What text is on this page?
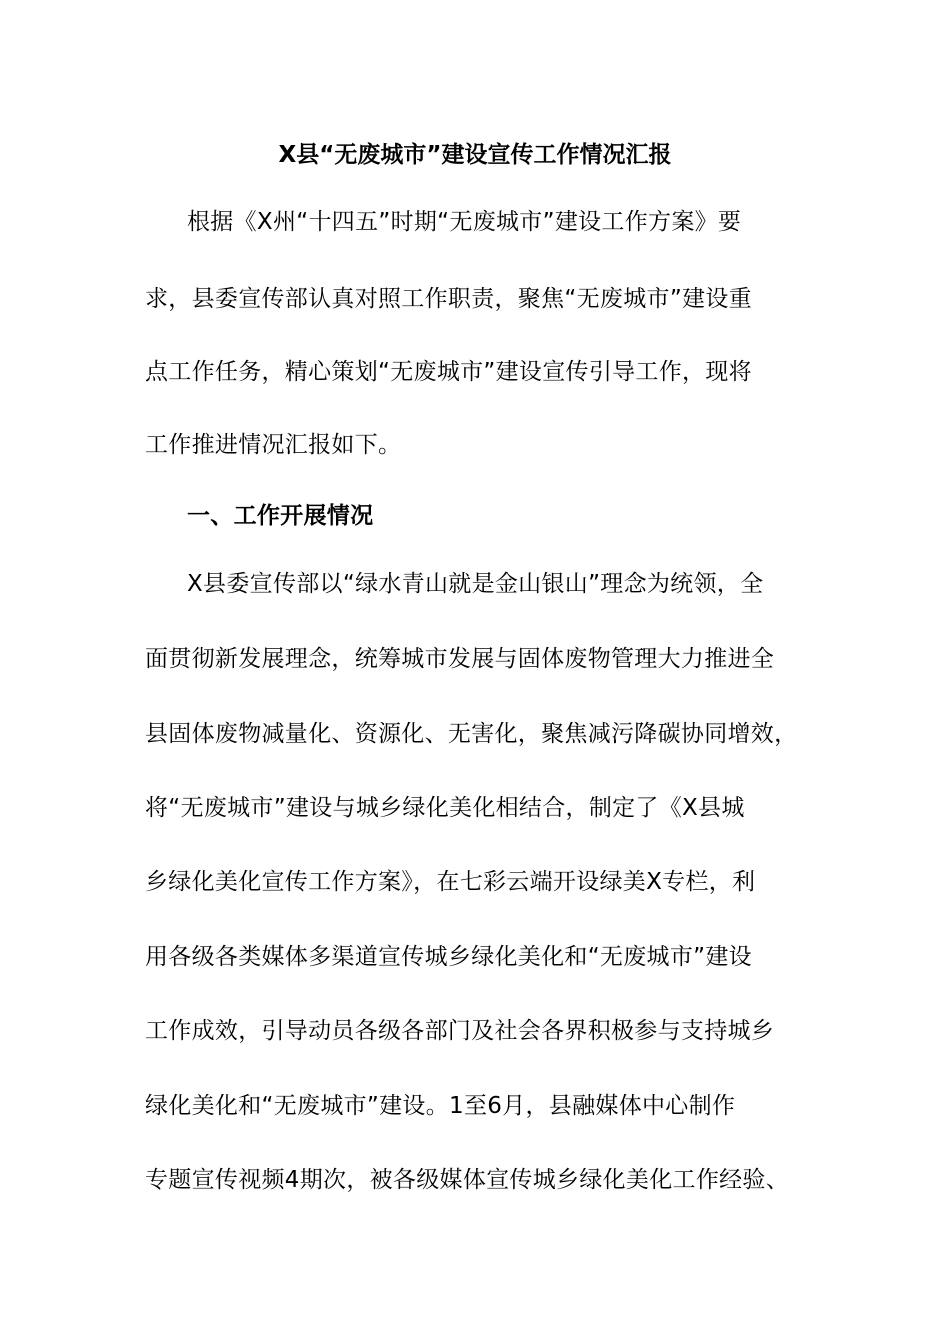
X县“无废城市”建设宣传工作情况汇报
根据《X州“十四五”时期“无废城市”建设工作方案》要
求，县委宣传部认真对照工作职责，聚焦“无废城市”建设重
点工作任务，精心策划“无废城市”建设宣传引导工作，现将
工作推进情况汇报如下。
一、工作开展情况
X县委宣传部以“绿水青山就是金山银山”理念为统领，全
面贯彻新发展理念，统筹城市发展与固体废物管理大力推进全
县固体废物减量化、资源化、无害化，聚焦减污降碳协同增效，
将“无废城市”建设与城乡绿化美化相结合，制定了《X县城
乡绿化美化宣传工作方案》，在七彩云端开设绿美X专栏，利
用各级各类媒体多渠道宣传城乡绿化美化和“无废城市”建设
工作成效，引导动员各级各部门及社会各界积极参与支持城乡
绿化美化和“无废城市”建设。1至6月，县融媒体中心制作
专题宣传视频4期次，被各级媒体宣传城乡绿化美化工作经验、
